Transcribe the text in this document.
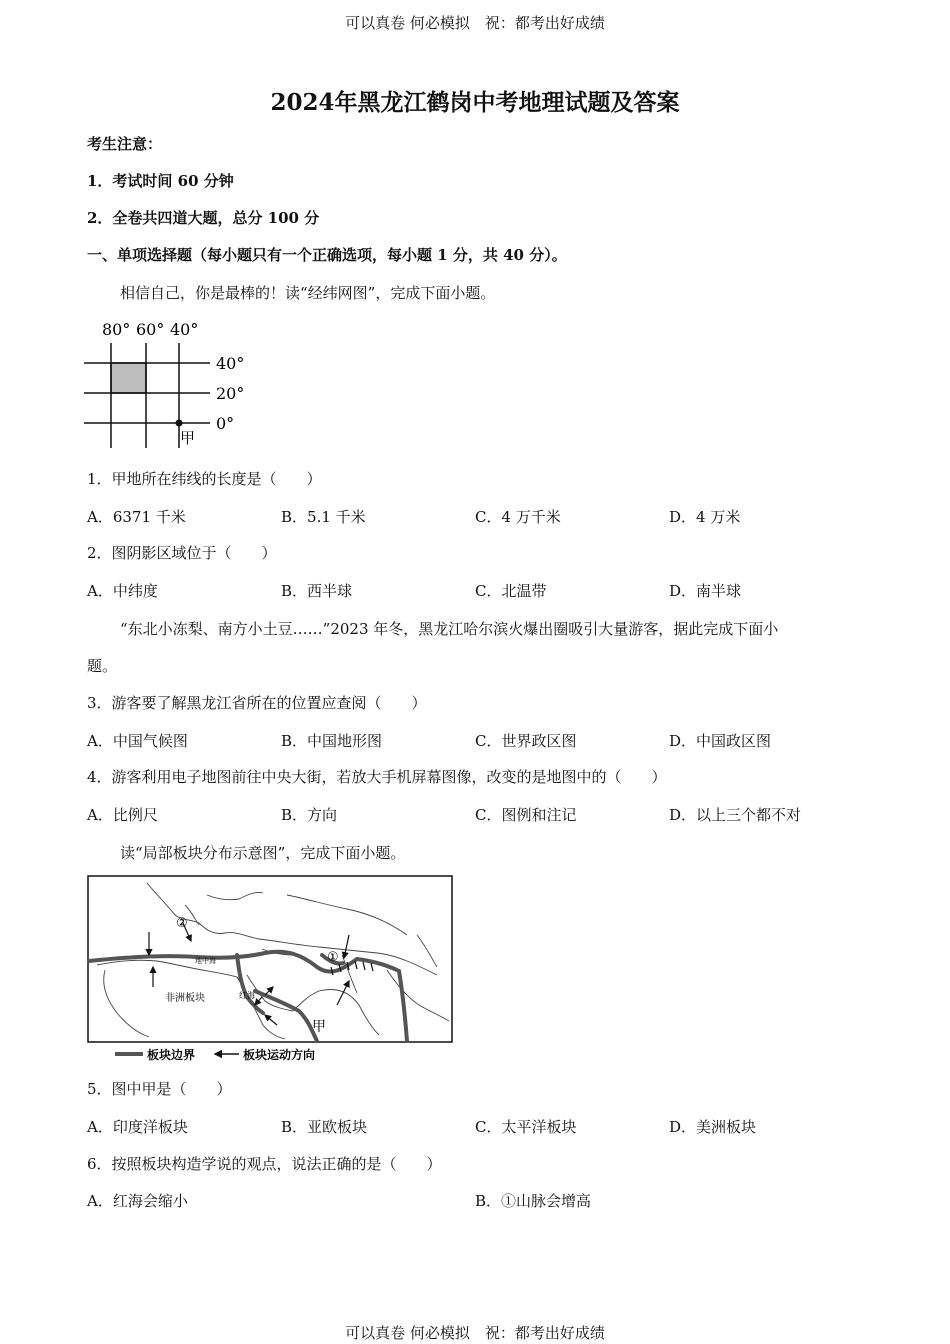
可以真卷 何必模拟　祝：都考出好成绩
2024年黑龙江鹤岗中考地理试题及答案
考生注意：
1．考试时间 60 分钟
2．全卷共四道大题，总分 100 分
一、单项选择题（每小题只有一个正确选项，每小题 1 分，共 40 分）。
相信自己，你是最棒的！读“经纬网图”，完成下面小题。
80° 60° 40°
40°
20°
0°
甲
1．甲地所在纬线的长度是（　　）
A．6371 千米	B．5.1 千米	C．4 万千米	D．4 万米
2．图阴影区域位于（　　）
A．中纬度	B．西半球	C．北温带	D．南半球
“东北小冻梨、南方小土豆……”2023 年冬，黑龙江哈尔滨火爆出圈吸引大量游客，据此完成下面小
题。
3．游客要了解黑龙江省所在的位置应查阅（　　）
A．中国气候图	B．中国地形图	C．世界政区图	D．中国政区图
4．游客利用电子地图前往中央大街，若放大手机屏幕图像，改变的是地图中的（　　）
A．比例尺	B．方向	C．图例和注记	D．以上三个都不对
读“局部板块分布示意图”，完成下面小题。
非洲板块	红海
地中海
②
①
甲
板块边界	板块运动方向
5．图中甲是（　　）
A．印度洋板块	B．亚欧板块	C．太平洋板块	D．美洲板块
6．按照板块构造学说的观点，说法正确的是（　　）
A．红海会缩小	B．①山脉会增高
可以真卷 何必模拟　祝：都考出好成绩
